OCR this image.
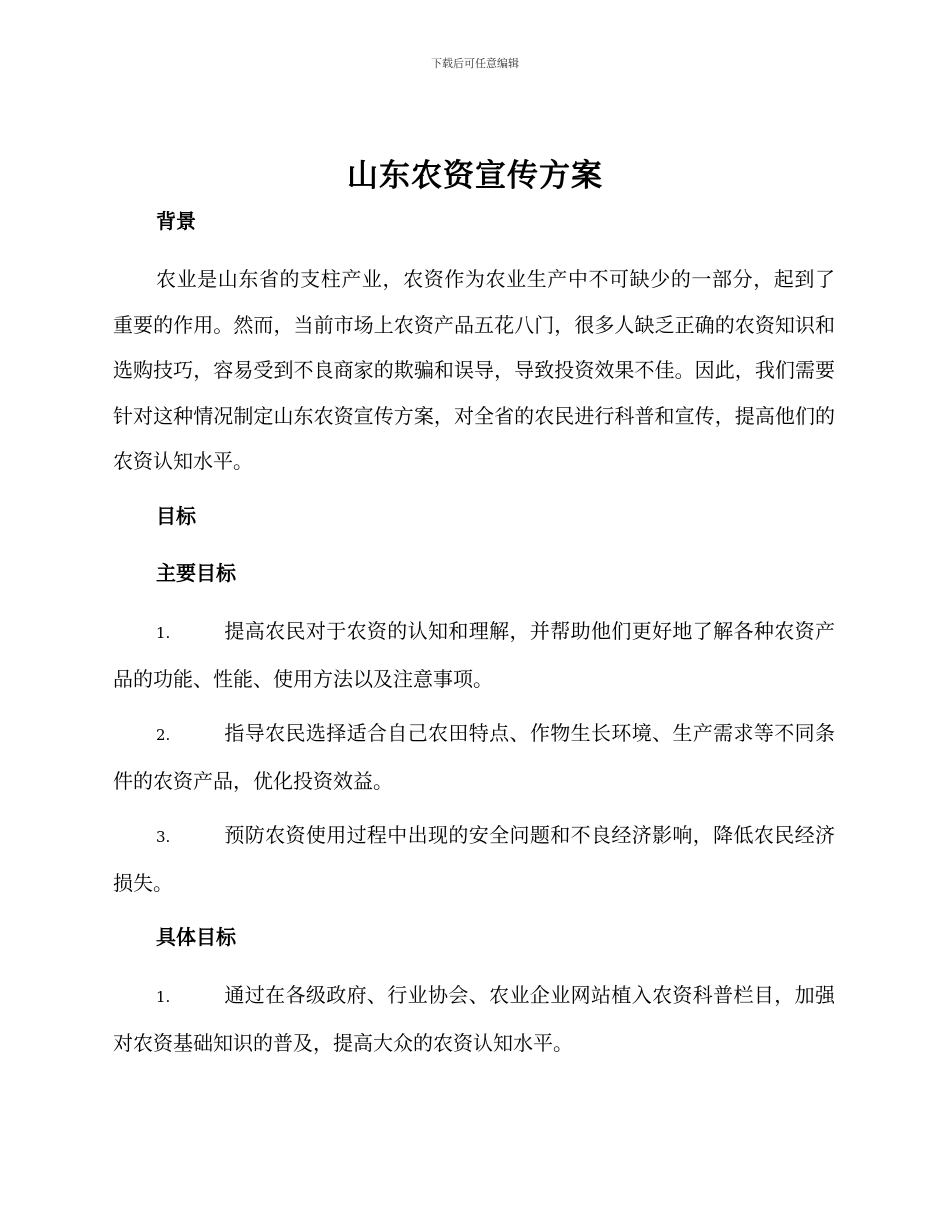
下载后可任意编辑
山东农资宣传方案
背景
农业是山东省的支柱产业，农资作为农业生产中不可缺少的一部分，起到了重要的作用。然而，当前市场上农资产品五花八门，很多人缺乏正确的农资知识和选购技巧，容易受到不良商家的欺骗和误导，导致投资效果不佳。因此，我们需要针对这种情况制定山东农资宣传方案，对全省的农民进行科普和宣传，提高他们的农资认知水平。
目标
主要目标
1.	提高农民对于农资的认知和理解，并帮助他们更好地了解各种农资产品的功能、性能、使用方法以及注意事项。
2.	指导农民选择适合自己农田特点、作物生长环境、生产需求等不同条件的农资产品，优化投资效益。
3.	预防农资使用过程中出现的安全问题和不良经济影响，降低农民经济损失。
具体目标
1.	通过在各级政府、行业协会、农业企业网站植入农资科普栏目，加强对农资基础知识的普及，提高大众的农资认知水平。
